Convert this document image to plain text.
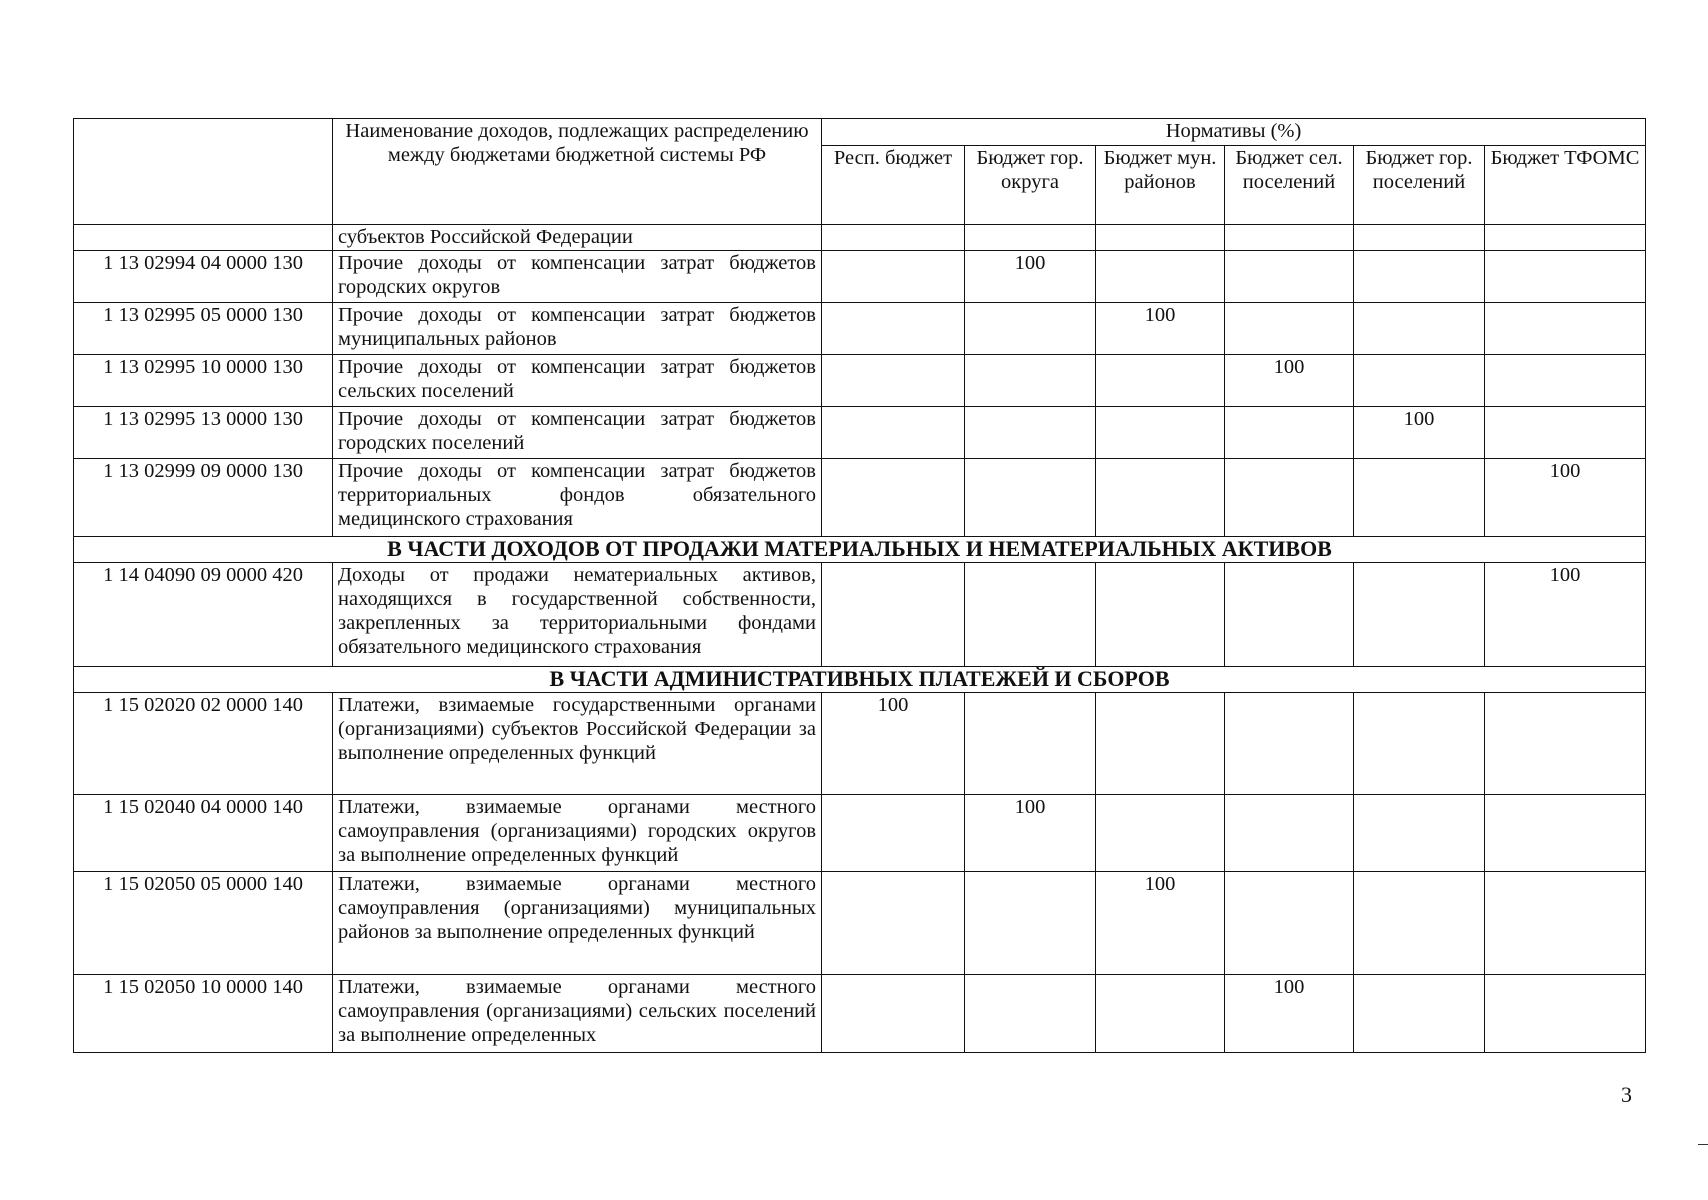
	Наименование доходов, подлежащих распределению между бюджетами бюджетной системы РФ	Нормативы (%)					
		Респ. бюджет	Бюджет гор. округа	Бюджет мун. районов	Бюджет сел. поселений	Бюджет гор. поселений	Бюджет ТФОМС
	субъектов Российской Федерации						
1 13 02994 04 0000 130	Прочие доходы от компенсации затрат бюджетов городских округов		100				
1 13 02995 05 0000 130	Прочие доходы от компенсации затрат бюджетов муниципальных районов			100			
1 13 02995 10 0000 130	Прочие доходы от компенсации затрат бюджетов сельских поселений				100		
1 13 02995 13 0000 130	Прочие доходы от компенсации затрат бюджетов городских поселений					100	
1 13 02999 09 0000 130	Прочие доходы от компенсации затрат бюджетов территориальных фондов обязательного медицинского страхования						100
В ЧАСТИ ДОХОДОВ ОТ ПРОДАЖИ МАТЕРИАЛЬНЫХ И НЕМАТЕРИАЛЬНЫХ АКТИВОВ							
1 14 04090 09 0000 420	Доходы от продажи нематериальных активов, находящихся в государственной собственности, закрепленных за территориальными фондами обязательного медицинского страхования						100
В ЧАСТИ АДМИНИСТРАТИВНЫХ ПЛАТЕЖЕЙ И СБОРОВ							
1 15 02020 02 0000 140	Платежи, взимаемые государственными органами (организациями) субъектов Российской Федерации за выполнение определенных функций	100					
1 15 02040 04 0000 140	Платежи, взимаемые органами местного самоуправления (организациями) городских округов за выполнение определенных функций		100				
1 15 02050 05 0000 140	Платежи, взимаемые органами местного самоуправления (организациями) муниципальных районов за выполнение определенных функций			100			
1 15 02050 10 0000 140	Платежи, взимаемые органами местного самоуправления (организациями) сельских поселений за выполнение определенных				100		
3
